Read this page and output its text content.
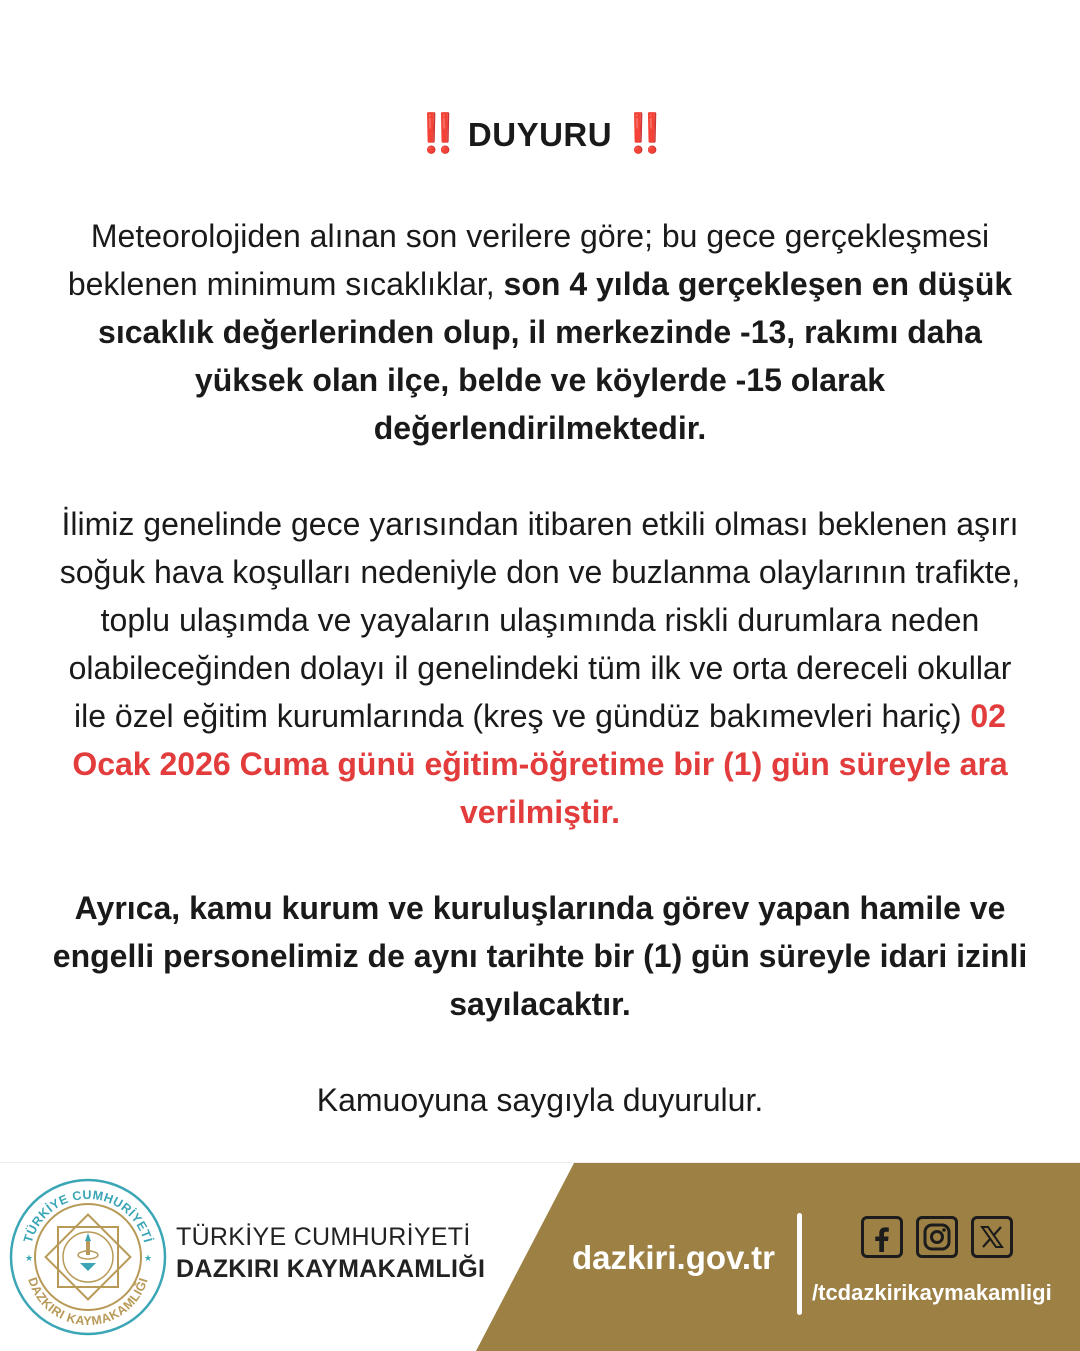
‼️ DUYURU ‼️

Meteorolojiden alınan son verilere göre; bu gece gerçekleşmesi beklenen minimum sıcaklıklar, son 4 yılda gerçekleşen en düşük sıcaklık değerlerinden olup, il merkezinde -13, rakımı daha yüksek olan ilçe, belde ve köylerde -15 olarak değerlendirilmektedir.

İlimiz genelinde gece yarısından itibaren etkili olması beklenen aşırı soğuk hava koşulları nedeniyle don ve buzlanma olaylarının trafikte, toplu ulaşımda ve yayaların ulaşımında riskli durumlara neden olabileceğinden dolayı il genelindeki tüm ilk ve orta dereceli okullar ile özel eğitim kurumlarında (kreş ve gündüz bakımevleri hariç) 02 Ocak 2026 Cuma günü eğitim-öğretime bir (1) gün süreyle ara verilmiştir.

Ayrıca, kamu kurum ve kuruluşlarında görev yapan hamile ve engelli personelimiz de aynı tarihte bir (1) gün süreyle idari izinli sayılacaktır.

Kamuoyuna saygıyla duyurulur.

TÜRKİYE CUMHURİYETİ
DAZKIRI KAYMAKAMLIĞI
★	★
TÜRKİYE CUMHURİYETİ
DAZKIRI KAYMAKAMLIĞI	dazkiri.gov.tr
/tcdazkirikaymakamligi
